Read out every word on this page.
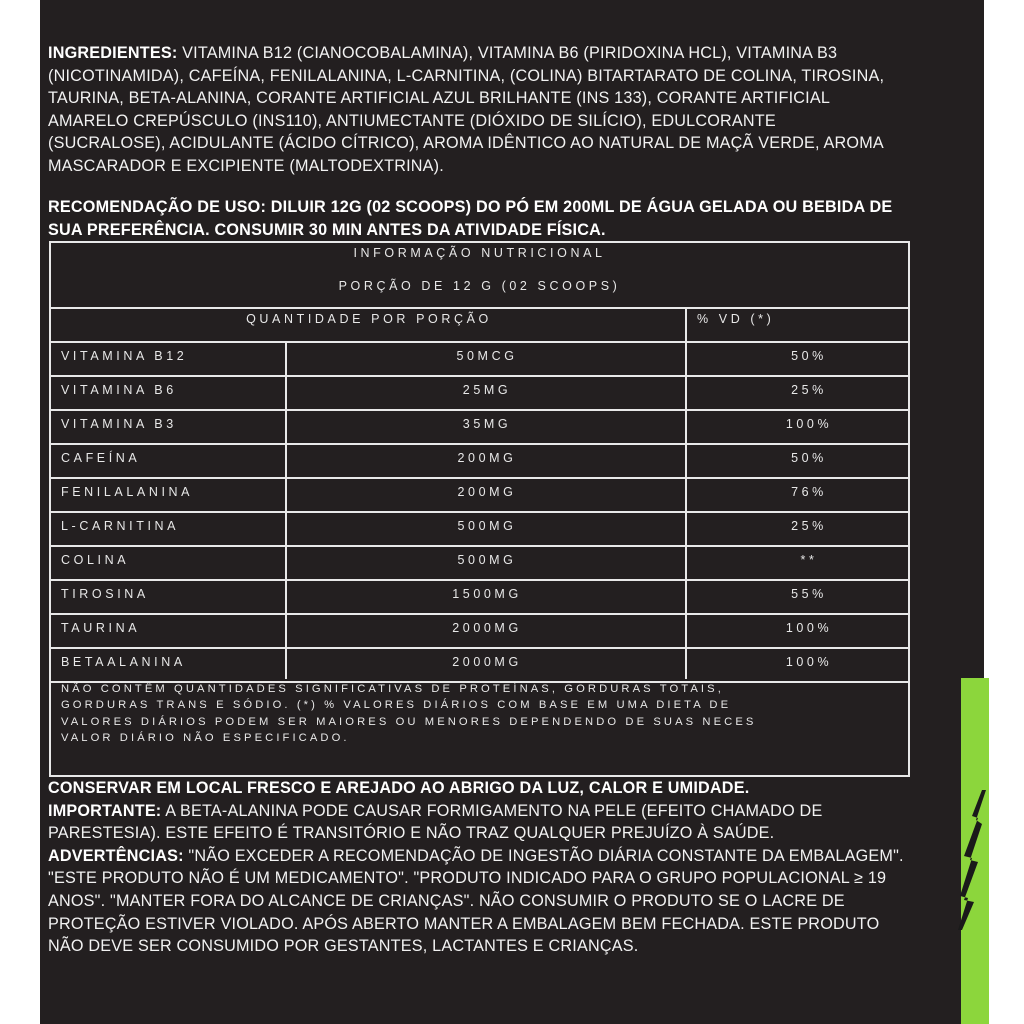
INGREDIENTES: VITAMINA B12 (CIANOCOBALAMINA), VITAMINA B6 (PIRIDOXINA HCL), VITAMINA B3 (NICOTINAMIDA), CAFEÍNA, FENILALANINA, L-CARNITINA, (COLINA) BITARTARATO DE COLINA, TIROSINA, TAURINA, BETA-ALANINA, CORANTE ARTIFICIAL AZUL BRILHANTE (INS 133), CORANTE ARTIFICIAL AMARELO CREPÚSCULO (INS110), ANTIUMECTANTE (DIÓXIDO DE SILÍCIO), EDULCORANTE (SUCRALOSE), ACIDULANTE (ÁCIDO CÍTRICO), AROMA IDÊNTICO AO NATURAL DE MAÇÃ VERDE, AROMA MASCARADOR E EXCIPIENTE (MALTODEXTRINA).

RECOMENDAÇÃO DE USO: DILUIR 12G (02 SCOOPS) DO PÓ EM 200ML DE ÁGUA GELADA OU BEBIDA DE SUA PREFERÊNCIA. CONSUMIR 30 MIN ANTES DA ATIVIDADE FÍSICA.

INFORMAÇÃO NUTRICIONAL
PORÇÃO DE 12 G (02 SCOOPS)
QUANTIDADE POR PORÇÃO	% VD (*)
VITAMINA B12	50MCG	50%
VITAMINA B6	25MG	25%
VITAMINA B3	35MG	100%
CAFEÍNA	200MG	50%
FENILALANINA	200MG	76%
L-CARNITINA	500MG	25%
COLINA	500MG	**
TIROSINA	1500MG	55%
TAURINA	2000MG	100%
BETAALANINA	2000MG	100%
NÃO CONTÊM QUANTIDADES SIGNIFICATIVAS DE PROTEÍNAS, GORDURAS TOTAIS,
GORDURAS TRANS E SÓDIO. (*) % VALORES DIÁRIOS COM BASE EM UMA DIETA DE
VALORES DIÁRIOS PODEM SER MAIORES OU MENORES DEPENDENDO DE SUAS NECES
VALOR DIÁRIO NÃO ESPECIFICADO.

CONSERVAR EM LOCAL FRESCO E AREJADO AO ABRIGO DA LUZ, CALOR E UMIDADE.
IMPORTANTE: A BETA-ALANINA PODE CAUSAR FORMIGAMENTO NA PELE (EFEITO CHAMADO DE PARESTESIA). ESTE EFEITO É TRANSITÓRIO E NÃO TRAZ QUALQUER PREJUÍZO À SAÚDE.
ADVERTÊNCIAS: "NÃO EXCEDER A RECOMENDAÇÃO DE INGESTÃO DIÁRIA CONSTANTE DA EMBALAGEM". "ESTE PRODUTO NÃO É UM MEDICAMENTO". "PRODUTO INDICADO PARA O GRUPO POPULACIONAL ≥ 19 ANOS". "MANTER FORA DO ALCANCE DE CRIANÇAS". NÃO CONSUMIR O PRODUTO SE O LACRE DE PROTEÇÃO ESTIVER VIOLADO. APÓS ABERTO MANTER A EMBALAGEM BEM FECHADA. ESTE PRODUTO NÃO DEVE SER CONSUMIDO POR GESTANTES, LACTANTES E CRIANÇAS.
